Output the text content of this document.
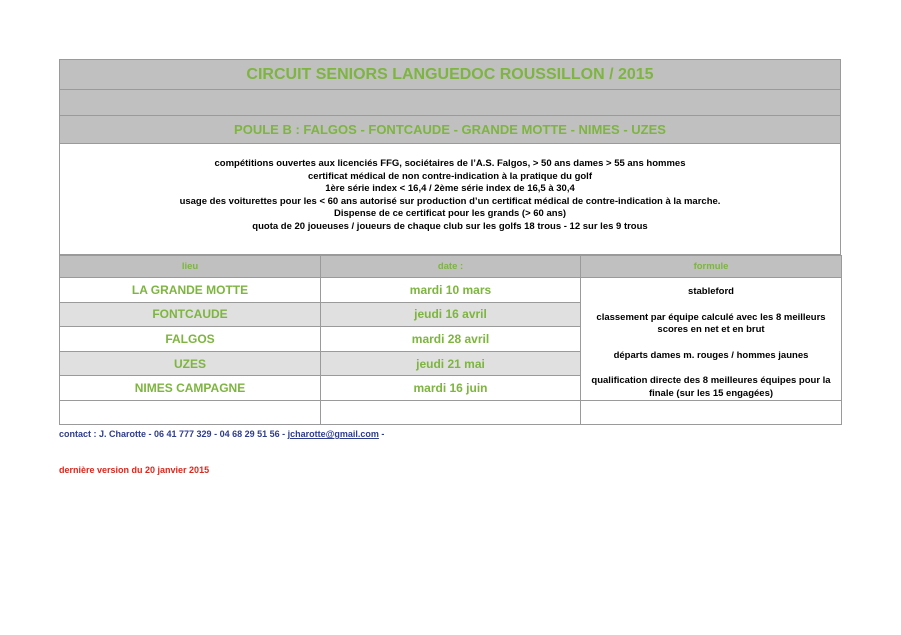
CIRCUIT SENIORS LANGUEDOC ROUSSILLON / 2015
POULE B : FALGOS - FONTCAUDE - GRANDE MOTTE - NIMES - UZES
compétitions ouvertes aux licenciés FFG, sociétaires de l’A.S. Falgos, > 50 ans dames > 55 ans hommes
certificat médical de non contre-indication à la pratique du golf
1ère série index < 16,4 / 2ème série index de 16,5 à 30,4
usage des voiturettes pour les < 60 ans autorisé sur production d’un certificat médical de contre-indication à la marche.
Dispense de ce certificat pour les grands (> 60 ans)
quota de 20 joueuses / joueurs de chaque club sur les golfs 18 trous - 12 sur les 9 trous
lieu	date :	formule
LA GRANDE MOTTE	mardi 10 mars	stableford

classement par équipe calculé avec les 8 meilleurs scores en net et en brut

départs dames m. rouges / hommes jaunes

qualification directe des 8 meilleures équipes pour la finale (sur les 15 engagées)

FONTCAUDE	jeudi 16 avril	
FALGOS	mardi 28 avril	
UZES	jeudi 21 mai	
NIMES CAMPAGNE	mardi 16 juin	

contact : J. Charotte - 06 41 777 329 - 04 68 29 51 56 - jcharotte@gmail.com -
dernière version du 20 janvier 2015
